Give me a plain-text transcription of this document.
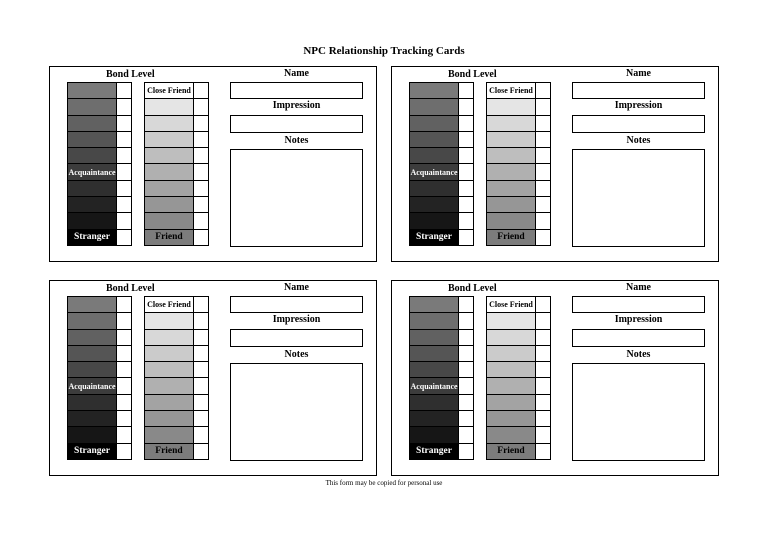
NPC Relationship Tracking Cards
Bond Level
Acquaintance
Stranger
Close Friend
Friend
Name
Impression
Notes
Bond Level
Acquaintance
Stranger
Close Friend
Friend
Name
Impression
Notes
Bond Level
Acquaintance
Stranger
Close Friend
Friend
Name
Impression
Notes
Bond Level
Acquaintance
Stranger
Close Friend
Friend
Name
Impression
Notes
This form may be copied for personal use
